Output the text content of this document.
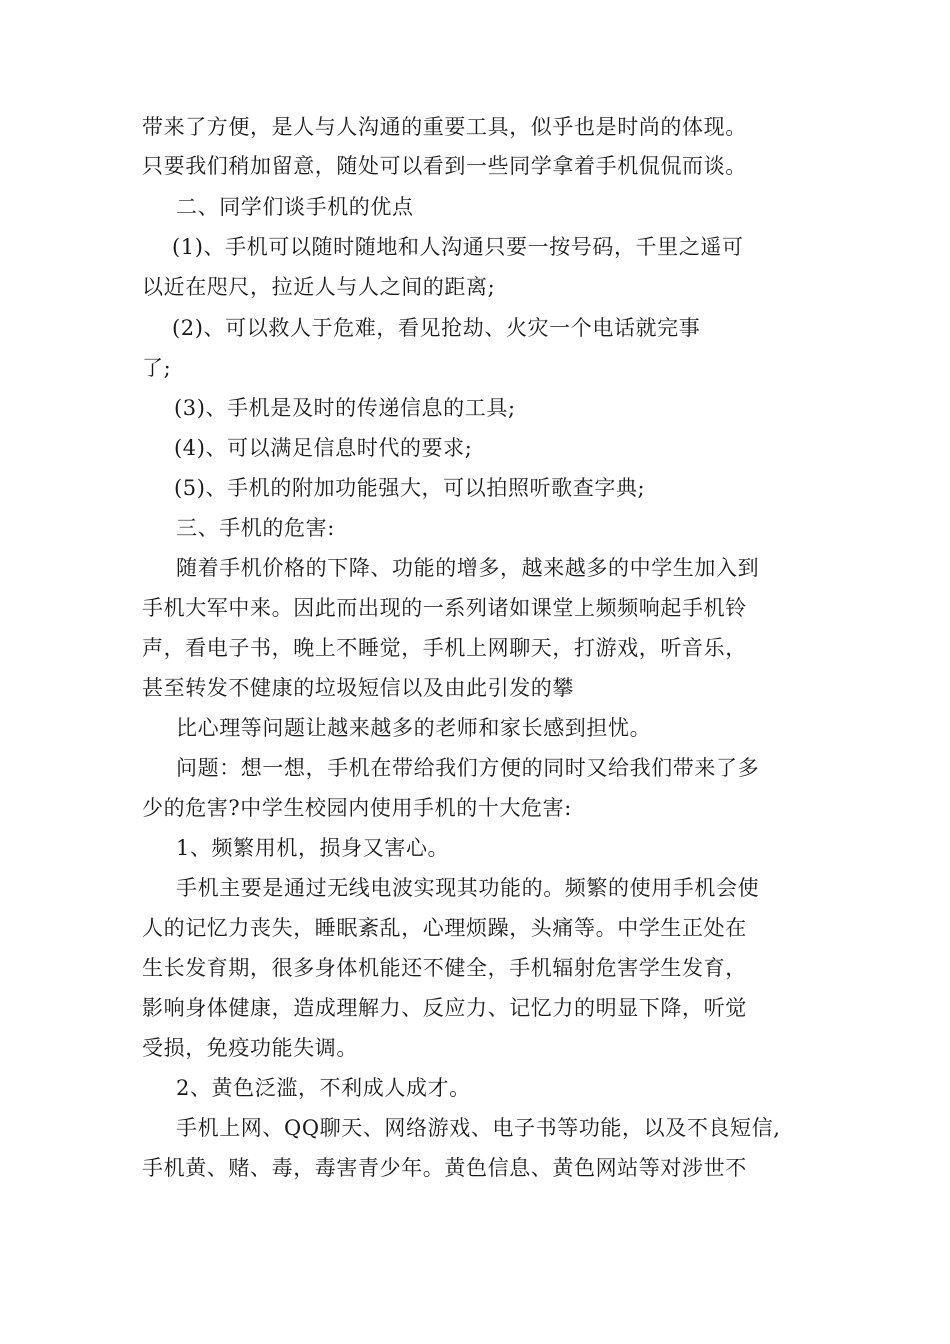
带来了方便，是人与人沟通的重要工具，似乎也是时尚的体现。
只要我们稍加留意，随处可以看到一些同学拿着手机侃侃而谈。
二、同学们谈手机的优点
(1)、手机可以随时随地和人沟通只要一按号码，千里之遥可
以近在咫尺，拉近人与人之间的距离;
(2)、可以救人于危难，看见抢劫、火灾一个电话就完事
了;
(3)、手机是及时的传递信息的工具;
(4)、可以满足信息时代的要求;
(5)、手机的附加功能强大，可以拍照听歌查字典;
三、手机的危害:
随着手机价格的下降、功能的增多，越来越多的中学生加入到
手机大军中来。因此而出现的一系列诸如课堂上频频响起手机铃
声，看电子书，晚上不睡觉，手机上网聊天，打游戏，听音乐，
甚至转发不健康的垃圾短信以及由此引发的攀
比心理等问题让越来越多的老师和家长感到担忧。
问题：想一想，手机在带给我们方便的同时又给我们带来了多
少的危害?中学生校园内使用手机的十大危害:
1、频繁用机，损身又害心。
手机主要是通过无线电波实现其功能的。频繁的使用手机会使
人的记忆力丧失，睡眠紊乱，心理烦躁，头痛等。中学生正处在
生长发育期，很多身体机能还不健全，手机辐射危害学生发育，
影响身体健康，造成理解力、反应力、记忆力的明显下降，听觉
受损，免疫功能失调。
2、黄色泛滥，不利成人成才。
手机上网、QQ聊天、网络游戏、电子书等功能，以及不良短信,
手机黄、赌、毒，毒害青少年。黄色信息、黄色网站等对涉世不
